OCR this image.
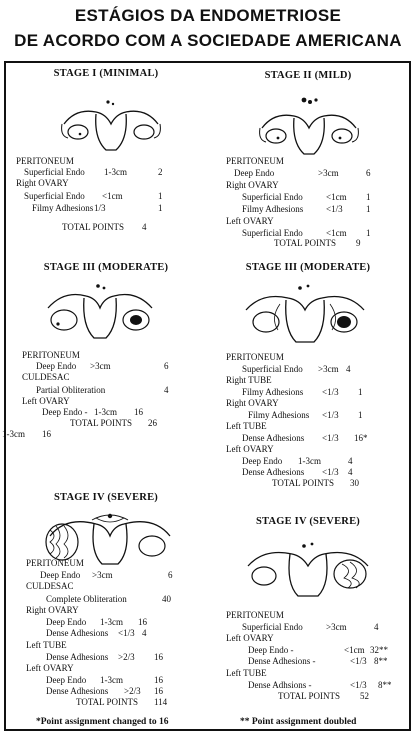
ESTÁGIOS DA ENDOMETRIOSE
DE ACORDO COM A SOCIEDADE AMERICANA
STAGE I (MINIMAL)
PERITONEUM
Superficial Endo 1-3cm	2
Right OVARY
Superficial Endo <1cm	1
Filmy Adhesions 1/3	1
TOTAL POINTS 4
STAGE II (MILD)
PERITONEUM
Deep Endo	>3cm	6
Right OVARY
Superficial Endo	<1cm 1
Filmy Adhesions	<1/3	1
Left OVARY
Superficial Endo	<1cm 1
TOTAL POINTS 9
STAGE III (MODERATE)
PERITONEUM
Deep Endo >3cm	6
CULDESAC
Partial Obliteration	4
Left OVARY
Deep Endo - 1-3cm 16
TOTAL POINTS 26
1-3cm 16
STAGE III (MODERATE)
PERITONEUM
Superficial Endo >3cm 4
Right TUBE
Filmy Adhesions <1/3 1
Right OVARY
Filmy Adhesions <1/3 1
Left TUBE
Dense Adhesions <1/3 16*
Left OVARY
Deep Endo 1-3cm	4
Dense Adhesions <1/3 4
TOTAL POINTS 30
STAGE IV (SEVERE)
PERITONEUM
Deep Endo >3cm	6
CULDESAC
Complete Obliteration	40
Right OVARY
Deep Endo 1-3cm 16
Dense Adhesions <1/3 4
Left TUBE
Dense Adhesions >2/3 16
Left OVARY
Deep Endo 1-3cm	16
Dense Adhesions >2/3 16
TOTAL POINTS 114
STAGE IV (SEVERE)
PERITONEUM
Superficial Endo	>3cm	4
Left OVARY
Deep Endo -	<1cm 32**
Dense Adhesions -	<1/3 8**
Left TUBE
Dense Adhsions -	<1/3 8**
TOTAL POINTS 52
*Point assignment changed to 16	** Point assignment doubled
